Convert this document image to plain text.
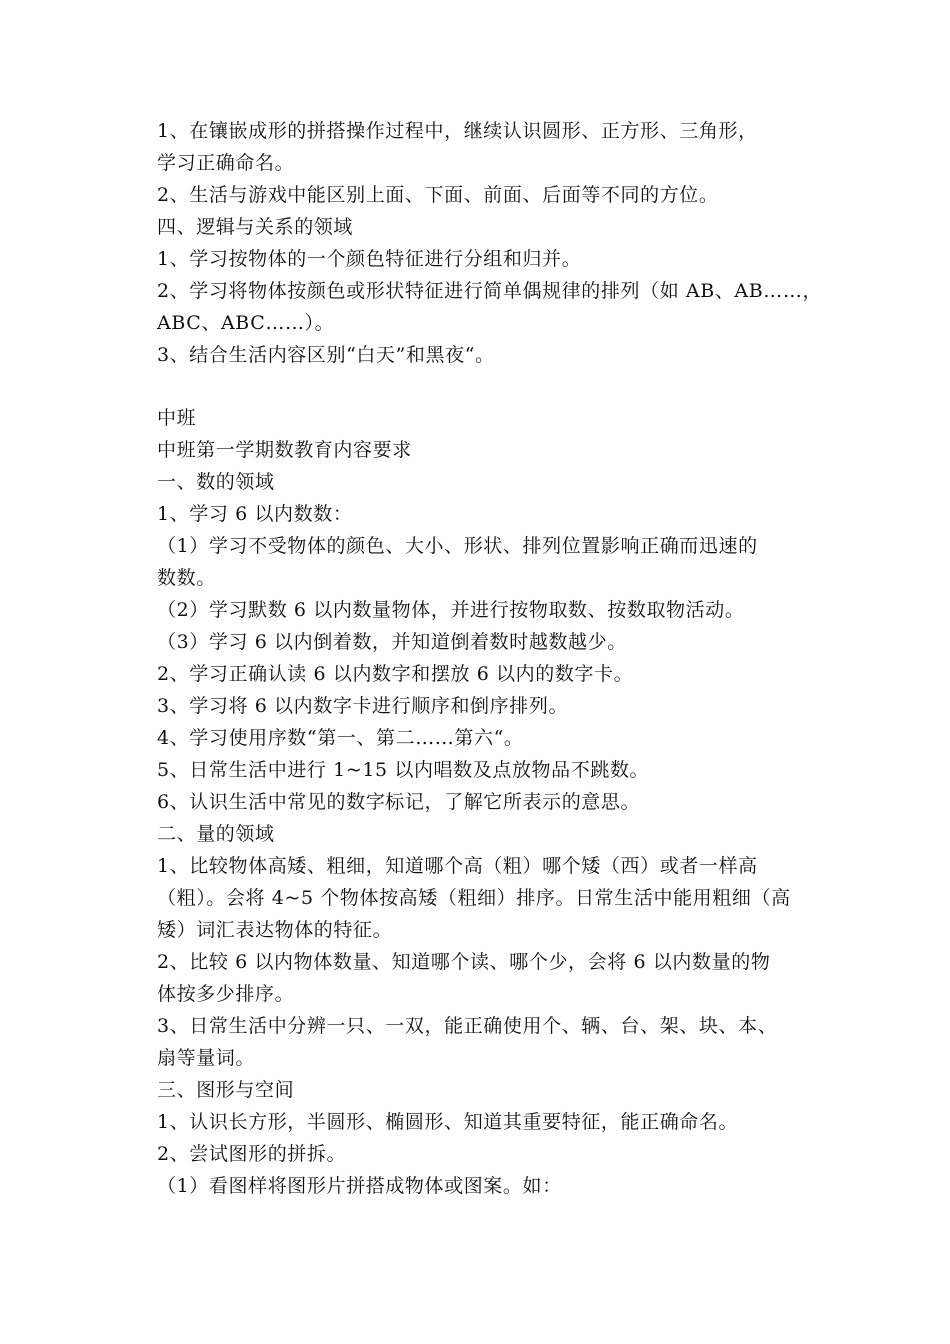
1、在镶嵌成形的拼搭操作过程中，继续认识圆形、正方形、三角形，
学习正确命名。
2、生活与游戏中能区别上面、下面、前面、后面等不同的方位。
四、逻辑与关系的领域
1、学习按物体的一个颜色特征进行分组和归并。
2、学习将物体按颜色或形状特征进行简单偶规律的排列（如 AB、AB……，
ABC、ABC……）。
3、结合生活内容区别“白天”和黑夜“。
中班
中班第一学期数教育内容要求
一、数的领域
1、学习 6 以内数数：
（1）学习不受物体的颜色、大小、形状、排列位置影响正确而迅速的
数数。
（2）学习默数 6 以内数量物体，并进行按物取数、按数取物活动。
（3）学习 6 以内倒着数，并知道倒着数时越数越少。
2、学习正确认读 6 以内数字和摆放 6 以内的数字卡。
3、学习将 6 以内数字卡进行顺序和倒序排列。
4、学习使用序数“第一、第二……第六“。
5、日常生活中进行 1~15 以内唱数及点放物品不跳数。
6、认识生活中常见的数字标记，了解它所表示的意思。
二、量的领域
1、比较物体高矮、粗细，知道哪个高（粗）哪个矮（西）或者一样高
（粗）。会将 4~5 个物体按高矮（粗细）排序。日常生活中能用粗细（高
矮）词汇表达物体的特征。
2、比较 6 以内物体数量、知道哪个读、哪个少，会将 6 以内数量的物
体按多少排序。
3、日常生活中分辨一只、一双，能正确使用个、辆、台、架、块、本、
扇等量词。
三、图形与空间
1、认识长方形，半圆形、椭圆形、知道其重要特征，能正确命名。
2、尝试图形的拼拆。
（1）看图样将图形片拼搭成物体或图案。如：
